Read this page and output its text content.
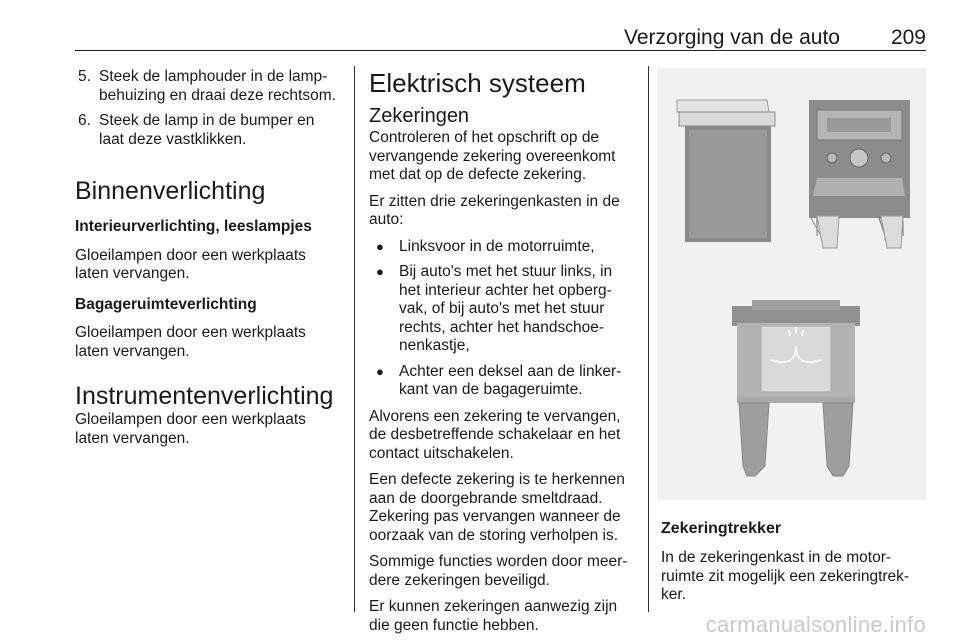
Verzorging van de auto 209
5. Steek de lamphouder in de lamp-behuizing en draai deze rechtsom.
6. Steek de lamp in de bumper en laat deze vastklikken.
Binnenverlichting
Interieurverlichting, leeslampjes

Gloeilampen door een werkplaats laten vervangen.

Bagageruimteverlichting

Gloeilampen door een werkplaats laten vervangen.

Instrumentenverlichting

Gloeilampen door een werkplaats laten vervangen.

Elektrisch systeem
Zekeringen

Controleren of het opschrift op de vervangende zekering overeenkomt met dat op de defecte zekering.

Er zitten drie zekeringenkasten in de auto:

● Linksvoor in de motorruimte,
● Bij auto's met het stuur links, in het interieur achter het opberg-vak, of bij auto's met het stuur rechts, achter het handschoe-nenkastje,
● Achter een deksel aan de linker-kant van de bagageruimte.

Alvorens een zekering te vervangen, de desbetreffende schakelaar en het contact uitschakelen.

Een defecte zekering is te herkennen aan de doorgebrande smeltdraad. Zekering pas vervangen wanneer de oorzaak van de storing verholpen is.

Sommige functies worden door meer-dere zekeringen beveiligd.

Er kunnen zekeringen aanwezig zijn die geen functie hebben.

Zekeringtrekker

In de zekeringenkast in de motor-ruimte zit mogelijk een zekeringtrek-ker.

carmanualsonline.info
